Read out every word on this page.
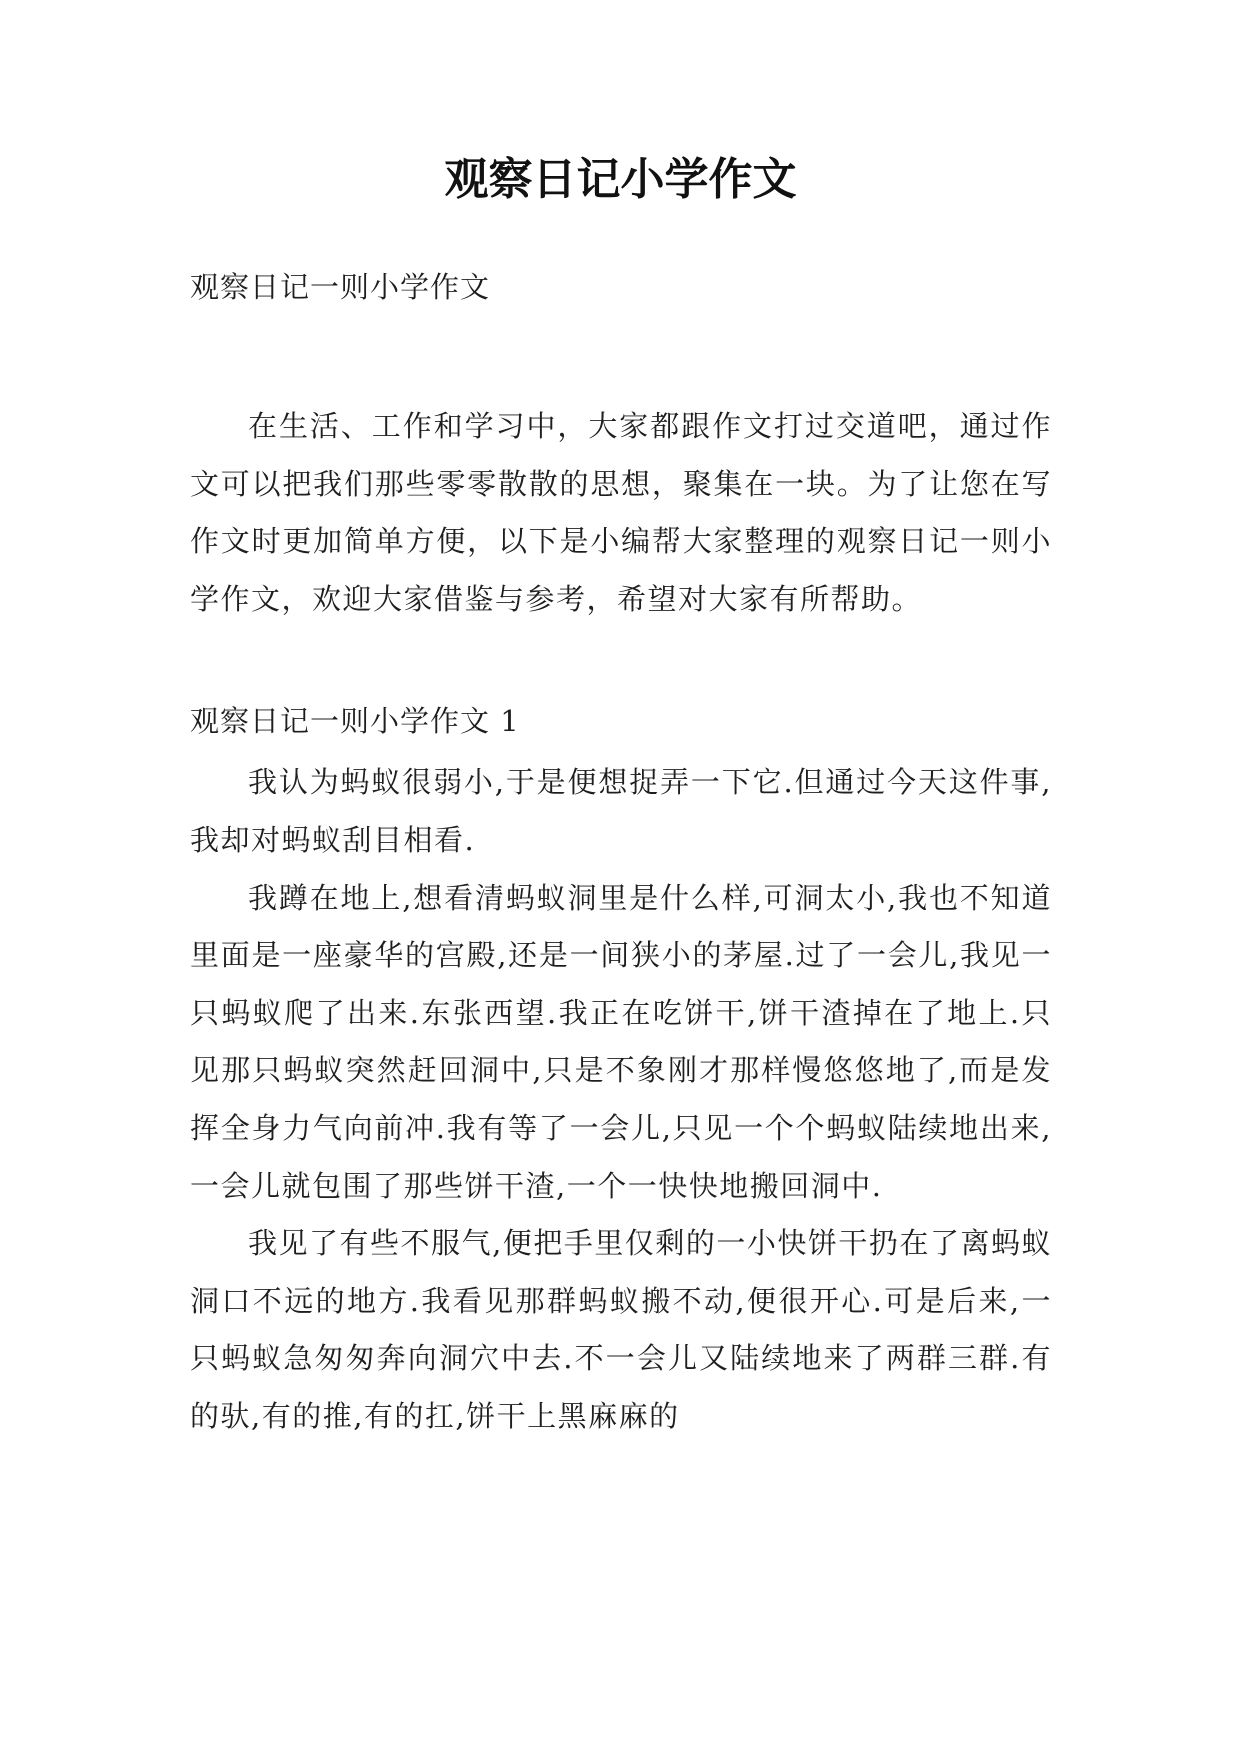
观察日记小学作文

观察日记一则小学作文

在生活、工作和学习中，大家都跟作文打过交道吧，通过作文可以把我们那些零零散散的思想，聚集在一块。为了让您在写作文时更加简单方便，以下是小编帮大家整理的观察日记一则小学作文，欢迎大家借鉴与参考，希望对大家有所帮助。

观察日记一则小学作文 1

我认为蚂蚁很弱小,于是便想捉弄一下它.但通过今天这件事,我却对蚂蚁刮目相看.

我蹲在地上,想看清蚂蚁洞里是什么样,可洞太小,我也不知道里面是一座豪华的宫殿,还是一间狭小的茅屋.过了一会儿,我见一只蚂蚁爬了出来.东张西望.我正在吃饼干,饼干渣掉在了地上.只见那只蚂蚁突然赶回洞中,只是不象刚才那样慢悠悠地了,而是发挥全身力气向前冲.我有等了一会儿,只见一个个蚂蚁陆续地出来,一会儿就包围了那些饼干渣,一个一快快地搬回洞中.

我见了有些不服气,便把手里仅剩的一小快饼干扔在了离蚂蚁洞口不远的地方.我看见那群蚂蚁搬不动,便很开心.可是后来,一只蚂蚁急匆匆奔向洞穴中去.不一会儿又陆续地来了两群三群.有的驮,有的推,有的扛,饼干上黑麻麻的
